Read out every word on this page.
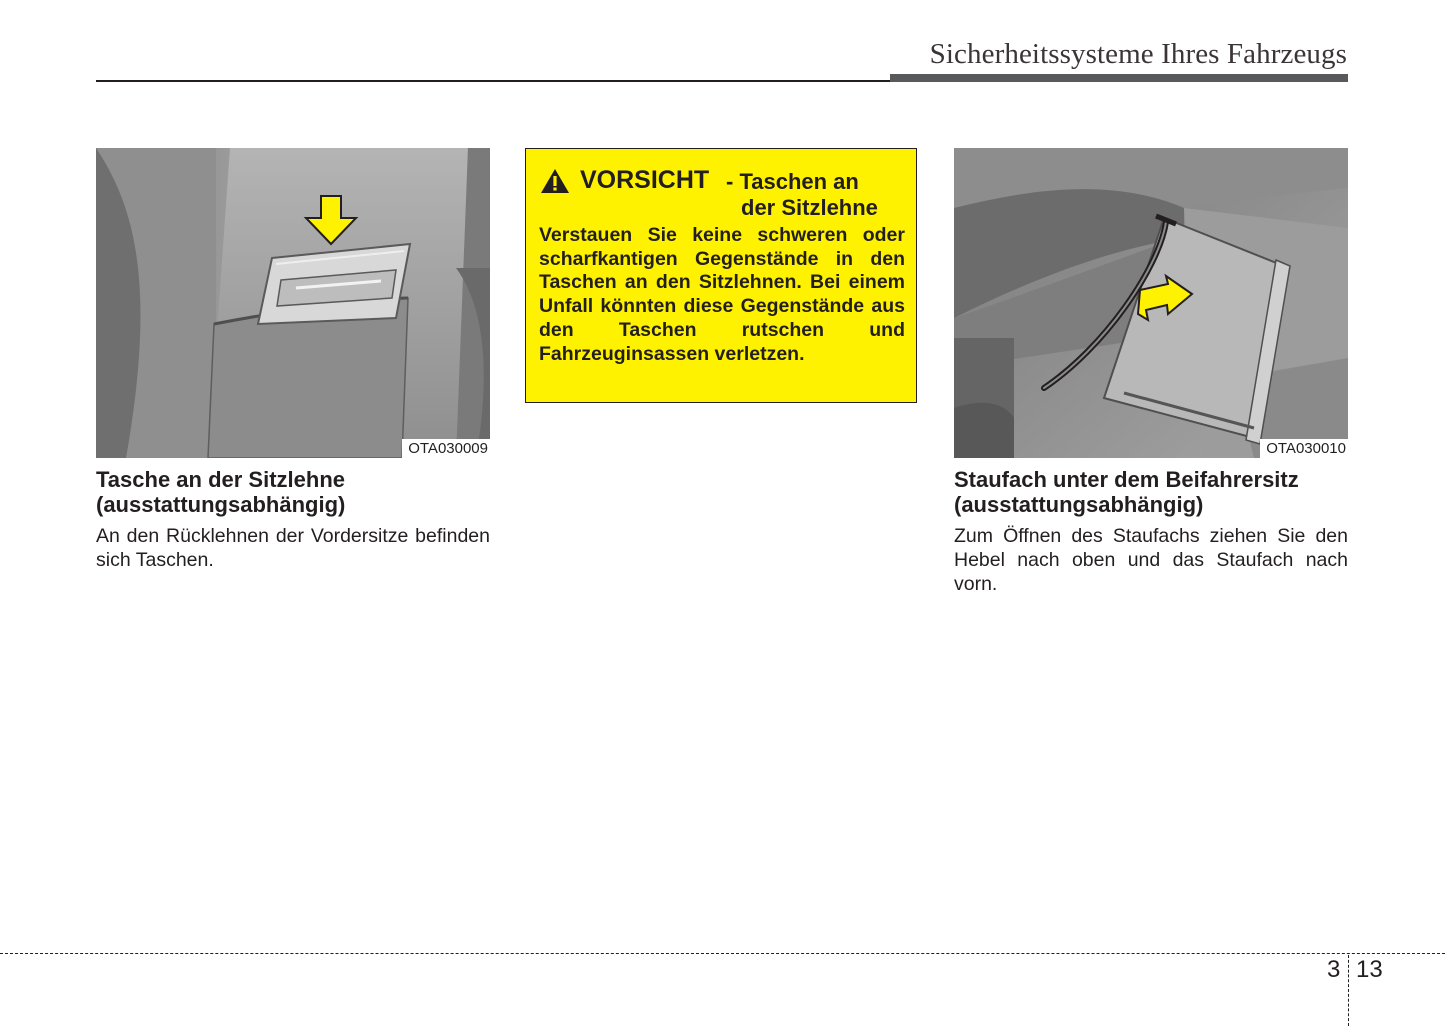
Sicherheitssysteme Ihres Fahrzeugs
OTA030009
Tasche an der Sitzlehne
(ausstattungsabhängig)
An den Rücklehnen der Vordersitze befinden sich Taschen.
VORSICHT - Taschen an
der Sitzlehne
Verstauen Sie keine schweren oder scharfkantigen Gegenstände in den Taschen an den Sitzlehnen. Bei einem Unfall könnten diese Gegenstände aus den Taschen rutschen und Fahrzeuginsassen verletzen.
OTA030010
Staufach unter dem Beifahrersitz
(ausstattungsabhängig)
Zum Öffnen des Staufachs ziehen Sie den Hebel nach oben und das Staufach nach vorn.
3 13
